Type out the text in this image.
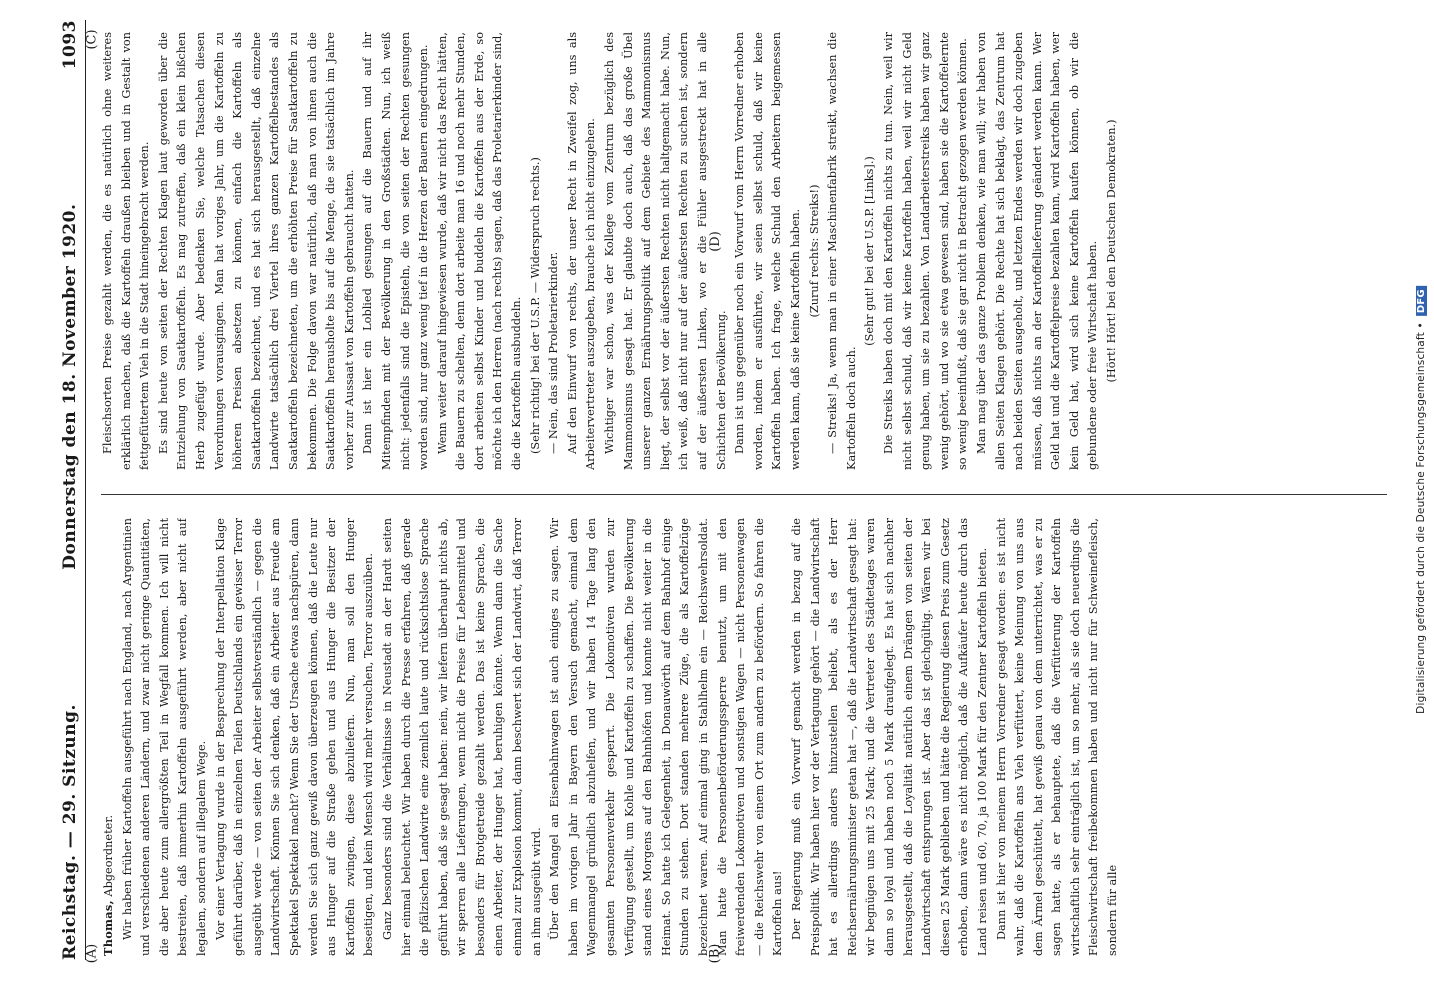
Reichstag. — 29. Sitzung.
Donnerstag den 18. November 1920.
1093

Thomas, Abgeordneter. Wir haben früher Kartoffeln ausgeführt nach England, nach Argentinien und verschiedenen anderen Ländern, und zwar nicht geringe Quantitäten, die aber heute zum allergrößten Teil in Wegfall kommen. Ich will nicht bestreiten, daß immerhin Kartoffeln ausgeführt werden, aber nicht auf legalem, sondern auf illegalem Wege. Vor einer Vertagung wurde in der Besprechung der Interpellation Klage geführt darüber, daß in einzelnen Teilen Deutschlands ein gewisser Terror ausgeübt werde — von seiten der Arbeiter selbstverständlich — gegen die Landwirtschaft. Können Sie sich denken, daß ein Arbeiter aus Freude am Spektakel Spektakel macht? Wenn Sie der Ursache etwas nachspüren, dann werden Sie sich ganz gewiß davon überzeugen können, daß die Leute nur aus Hunger auf die Straße gehen und aus Hunger die Besitzer der Kartoffeln zwingen, diese abzuliefern. Nun, man soll den Hunger beseitigen, und kein Mensch wird mehr versuchen, Terror auszuüben. Ganz besonders sind die Verhältnisse in Neustadt an der Hardt seiten hier einmal beleuchtet. Wir haben durch die Presse erfahren, daß gerade die pfälzischen Landwirte eine ziemlich laute und rücksichtslose Sprache geführt haben, daß sie gesagt haben: nein, wir liefern überhaupt nichts ab, wir sperren alle Lieferungen, wenn nicht die Preise für Lebensmittel und besonders für Brotgetreide gezahlt werden. Das ist keine Sprache, die einen Arbeiter, der Hunger hat, beruhigen könnte. Wenn dann die Sache einmal zur Explosion kommt, dann beschwert sich der Landwirt, daß Terror an ihm ausgeübt wird. Über den Mangel an Eisenbahnwagen ist auch einiges zu sagen. Wir haben im vorigen Jahr in Bayern den Versuch gemacht, einmal dem Wagenmangel gründlich abzuhelfen, und wir haben 14 Tage lang den gesamten Personenverkehr gesperrt. Die Lokomotiven wurden zur Verfügung gestellt, um Kohle und Kartoffeln zu schaffen. Die Bevölkerung stand eines Morgens auf den Bahnhöfen und konnte nicht weiter in die Heimat. So hatte ich Gelegenheit, in Donauwörth auf dem Bahnhof einige Stunden zu stehen. Dort standen mehrere Züge, die als Kartoffelzüge bezeichnet waren. Auf einmal ging in Stahlhelm ein — Reichswehrsoldat. Man hatte die Personenbeförderungssperre benutzt, um mit den freiwerdenden Lokomotiven und sonstigen Wagen — nicht Personenwagen — die Reichswehr von einem Ort zum andern zu befördern. So fahren die Kartoffeln aus! Der Regierung muß ein Vorwurf gemacht werden in bezug auf die Preispolitik. Wir haben hier vor der Vertagung gehört — die Landwirtschaft hat es allerdings anders hinzustellen beliebt, als es der Herr Reichsernährungsminister getan hat —, daß die Landwirtschaft gesagt hat: wir begnügen uns mit 25 Mark; und die Vertreter des Städtetages waren dann so loyal und haben noch 5 Mark draufgelegt. Es hat sich nachher herausgestellt, daß die Loyalität natürlich einem Drängen von seiten der Landwirtschaft entsprungen ist. Aber das ist gleichgültig. Wären wir bei diesen 25 Mark geblieben und hätte die Regierung diesen Preis zum Gesetz erhoben, dann wäre es nicht möglich, daß die Aufkäufer heute durch das Land reisen und 60, 70, ja 100 Mark für den Zentner Kartoffeln bieten. Dann ist hier von meinem Herrn Vorredner gesagt worden: es ist nicht wahr, daß die Kartoffeln ans Vieh verfüttert, keine Meinung von uns aus dem Ärmel geschüttelt, hat gewiß genau von dem unterrichtet, was er zu sagen hatte, als er behauptete, daß die Verfütterung der Kartoffeln wirtschaftlich sehr einträglich ist, um so mehr, als sie doch neuerdings die Fleischwirtschaft freibekommen haben und nicht nur für Schweinefleisch, sondern für alle

Fleischsorten Preise gezahlt werden, die es natürlich ohne weiteres erklärlich machen, daß die Kartoffeln draußen bleiben und in Gestalt von fettgefüttertem Vieh in die Stadt hineingebracht werden. Es sind heute von seiten der Rechten Klagen laut geworden über die Entziehung von Saatkartoffeln. Es mag zutreffen, daß ein klein bißchen Herb zugefügt wurde. Aber bedenken Sie, welche Tatsachen diesen Verordnungen vorausgingen. Man hat voriges Jahr, um die Kartoffeln zu höheren Preisen absetzen zu können, einfach die Kartoffeln als Saatkartoffeln bezeichnet, und es hat sich herausgestellt, daß einzelne Landwirte tatsächlich drei Viertel ihres ganzen Kartoffelbestandes als Saatkartoffeln bezeichneten, um die erhöhten Preise für Saatkartoffeln zu bekommen. Die Folge davon war natürlich, daß man von ihnen auch die Saatkartoffeln herausholte bis auf die Menge, die sie tatsächlich im Jahre vorher zur Aussaat von Kartoffeln gebraucht hatten. Dann ist hier ein Loblied gesungen auf die Bauern und auf ihr Mitempfinden mit der Bevölkerung in den Großstädten. Nun, ich weiß nicht: jedenfalls sind die Episteln, die von seiten der Rechten gesungen worden sind, nur ganz wenig tief in die Herzen der Bauern eingedrungen. Wenn weiter darauf hingewiesen wurde, daß wir nicht das Recht hätten, die Bauern zu schelten, denn dort arbeite man 16 und noch mehr Stunden, dort arbeiten selbst Kinder und buddeln die Kartoffeln aus der Erde, so möchte ich den Herren (nach rechts) sagen, daß das Proletarierkinder sind, die die Kartoffeln ausbuddeln. (Sehr richtig! bei der U.S.P. — Widerspruch rechts.) — Nein, das sind Proletarierkinder. Auf den Einwurf von rechts, der unser Recht in Zweifel zog, uns als Arbeitervertreter auszugeben, brauche ich nicht einzugehen. Wichtiger war schon, was der Kollege vom Zentrum bezüglich des Mammonismus gesagt hat. Er glaubte doch auch, daß das große Übel unserer ganzen Ernährungspolitik auf dem Gebiete des Mammonismus liegt, der selbst vor der äußersten Rechten nicht haltgemacht habe. Nun, ich weiß, daß nicht nur auf der äußersten Rechten zu suchen ist, sondern auf der äußersten Linken, wo er die Fühler ausgestreckt hat in alle Schichten der Bevölkerung. Dann ist uns gegenüber noch ein Vorwurf vom Herrn Vorredner erhoben worden, indem er ausführte, wir seien selbst schuld, daß wir keine Kartoffeln haben. Ich frage, welche Schuld den Arbeitern beigemessen werden kann, daß sie keine Kartoffeln haben. (Zuruf rechts: Streiks!) — Streiks! Ja, wenn man in einer Maschinenfabrik streikt, wachsen die Kartoffeln doch auch.

(Sehr gut! bei der U.S.P. [Links].) Die Streiks haben doch mit den Kartoffeln nichts zu tun. Nein, weil wir nicht selbst schuld, daß wir keine Kartoffeln haben, weil wir nicht Geld genug haben, um sie zu bezahlen. Von Landarbeiterstreiks haben wir ganz wenig gehört, und wo sie etwa gewesen sind, haben sie die Kartoffelernte so wenig beeinflußt, daß sie gar nicht in Betracht gezogen werden können. Man mag über das ganze Problem denken, wie man will; wir haben von allen Seiten Klagen gehört. Die Rechte hat sich beklagt, das Zentrum hat nach beiden Seiten ausgeholt, und letzten Endes werden wir doch zugeben müssen, daß nichts an der Kartoffellieferung geändert werden kann. Wer Geld hat und die Kartoffelpreise bezahlen kann, wird Kartoffeln haben, wer kein Geld hat, wird sich keine Kartoffeln kaufen können, ob wir die gebundene oder freie Wirtschaft haben. (Hört! Hört! bei den Deutschen Demokraten.)

(A)	(B)
(C)
(D)
Digitalisierung gefördert durch die Deutsche Forschungsgemeinschaft •DFG
